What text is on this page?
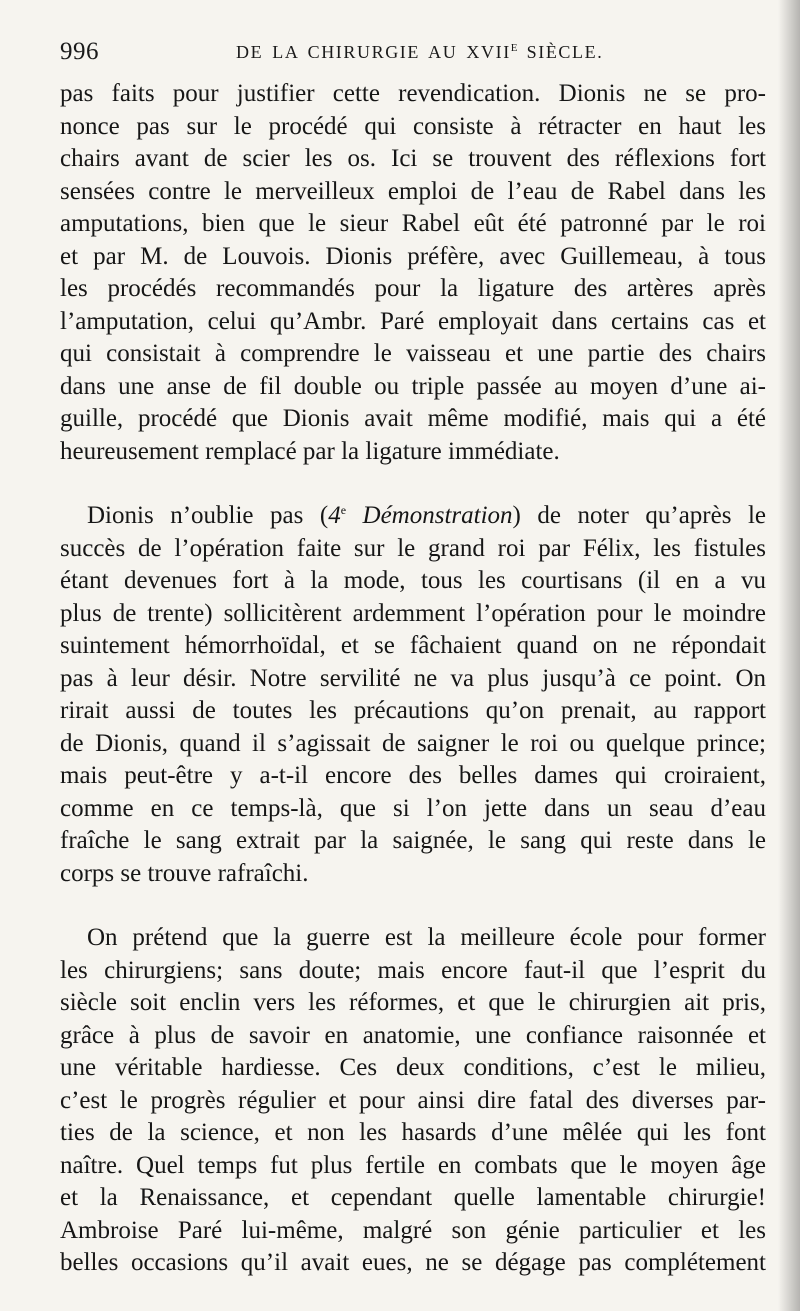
996	DE LA CHIRURGIE AU $XVII^E$ SIÈCLE.
pas faits pour justifier cette revendication. Dionis ne se pro-
nonce pas sur le procédé qui consiste à rétracter en haut les
chairs avant de scier les os. Ici se trouvent des réflexions fort
sensées contre le merveilleux emploi de l’eau de Rabel dans les
amputations, bien que le sieur Rabel eût été patronné par le roi
et par M. de Louvois. Dionis préfère, avec Guillemeau, à tous
les procédés recommandés pour la ligature des artères après
l’amputation, celui qu’Ambr. Paré employait dans certains cas et
qui consistait à comprendre le vaisseau et une partie des chairs
dans une anse de fil double ou triple passée au moyen d’une ai-
guille, procédé que Dionis avait même modifié, mais qui a été
heureusement remplacé par la ligature immédiate.
Dionis n’oublie pas (4e Démonstration) de noter qu’après le
succès de l’opération faite sur le grand roi par Félix, les fistules
étant devenues fort à la mode, tous les courtisans (il en a vu
plus de trente) sollicitèrent ardemment l’opération pour le moindre
suintement hémorrhoïdal, et se fâchaient quand on ne répondait
pas à leur désir. Notre servilité ne va plus jusqu’à ce point. On
rirait aussi de toutes les précautions qu’on prenait, au rapport
de Dionis, quand il s’agissait de saigner le roi ou quelque prince;
mais peut-être y a-t-il encore des belles dames qui croiraient,
comme en ce temps-là, que si l’on jette dans un seau d’eau
fraîche le sang extrait par la saignée, le sang qui reste dans le
corps se trouve rafraîchi.
On prétend que la guerre est la meilleure école pour former
les chirurgiens; sans doute; mais encore faut-il que l’esprit du
siècle soit enclin vers les réformes, et que le chirurgien ait pris,
grâce à plus de savoir en anatomie, une confiance raisonnée et
une véritable hardiesse. Ces deux conditions, c’est le milieu,
c’est le progrès régulier et pour ainsi dire fatal des diverses par-
ties de la science, et non les hasards d’une mêlée qui les font
naître. Quel temps fut plus fertile en combats que le moyen âge
et la Renaissance, et cependant quelle lamentable chirurgie!
Ambroise Paré lui-même, malgré son génie particulier et les
belles occasions qu’il avait eues, ne se dégage pas complétement
